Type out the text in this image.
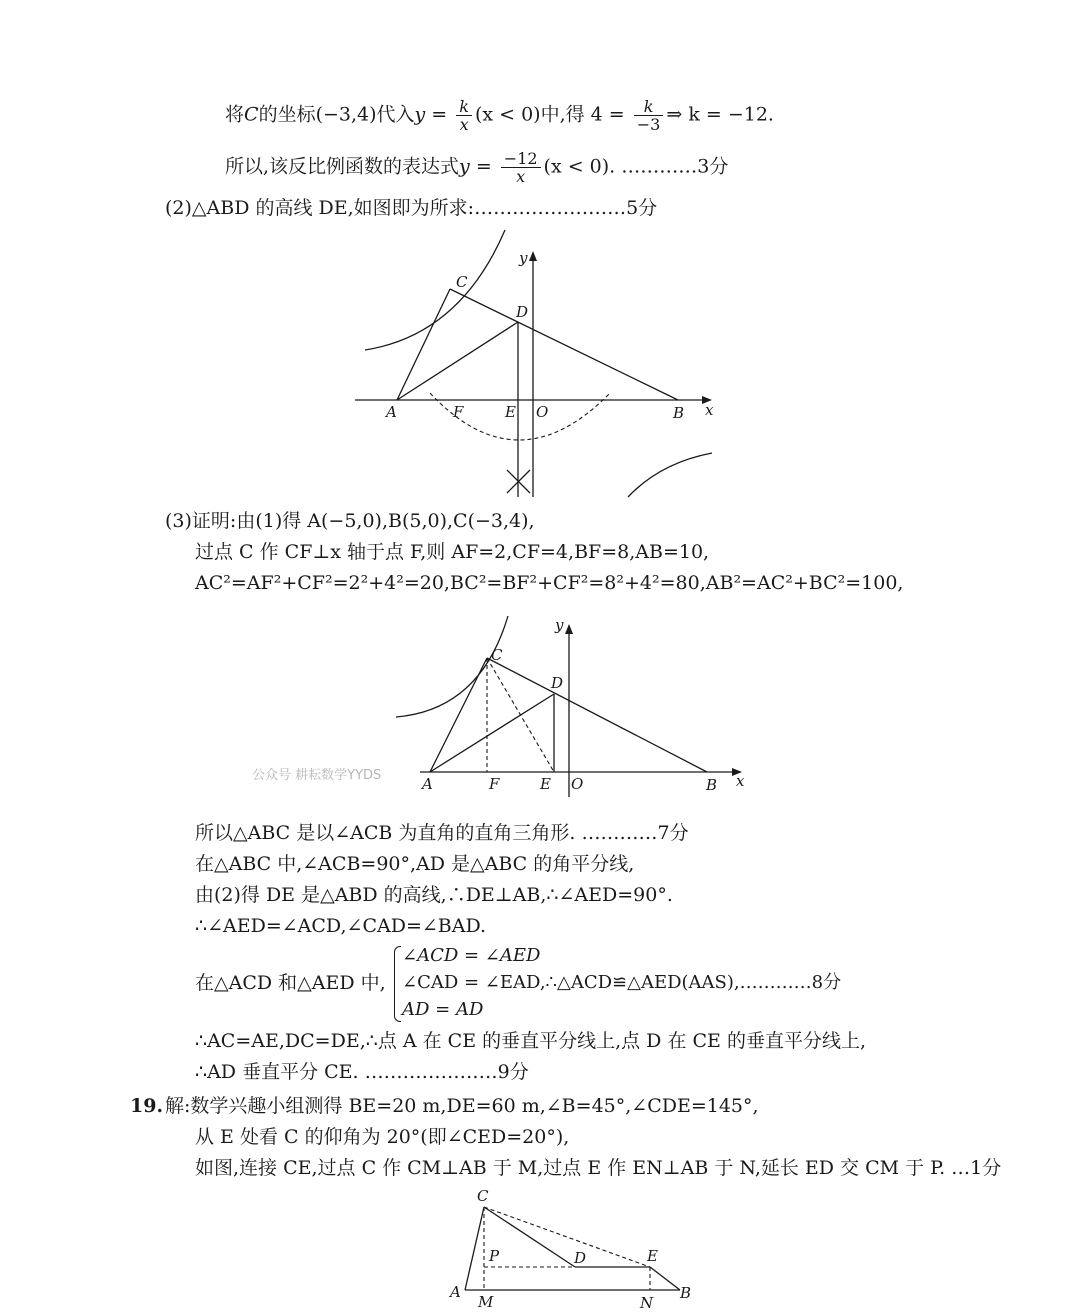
将C的坐标(−3,4)代入$y = \frac{k}{x} (x < 0)$中,得 $4 = \frac{k}{-3}$ ⇒ k = −12.
所以,该反比例函数的表达式$y = \frac{-12}{x} (x < 0)$. …………3分
(2)△ABD 的高线 DE,如图即为所求:……………………5分
y
x
C
D
A	F	E O	B
(3)证明:由(1)得 A(−5,0),B(5,0),C(−3,4),
过点 C 作 CF⊥x 轴于点 F,则 AF=2,CF=4,BF=8,AB=10,
AC²=AF²+CF²=2²+4²=20,BC²=BF²+CF²=8²+4²=80,AB²=AC²+BC²=100,
y
x
C
D
A	F	E O	B
公众号 耕耘数学YYDS
所以△ABC 是以∠ACB 为直角的直角三角形. …………7分
在△ABC 中,∠ACB=90°,AD 是△ABC 的角平分线,
由(2)得 DE 是△ABD 的高线,∴DE⊥AB,∴∠AED=90°.
∴∠AED=∠ACD,∠CAD=∠BAD.
在△ACD 和△AED 中,
∠ACD = ∠AED
∠CAD = ∠EAD,∴△ACD≌△AED(AAS),…………8分
AD = AD
∴AC=AE,DC=DE,∴点 A 在 CE 的垂直平分线上,点 D 在 CE 的垂直平分线上,
∴AD 垂直平分 CE. …………………9分
19. 解:数学兴趣小组测得 BE=20 m,DE=60 m,∠B=45°,∠CDE=145°,
从 E 处看 C 的仰角为 20°(即∠CED=20°),
如图,连接 CE,过点 C 作 CM⊥AB 于 M,过点 E 作 EN⊥AB 于 N,延长 ED 交 CM 于 P. …1分
C
P	D	E
A
M	N
B
